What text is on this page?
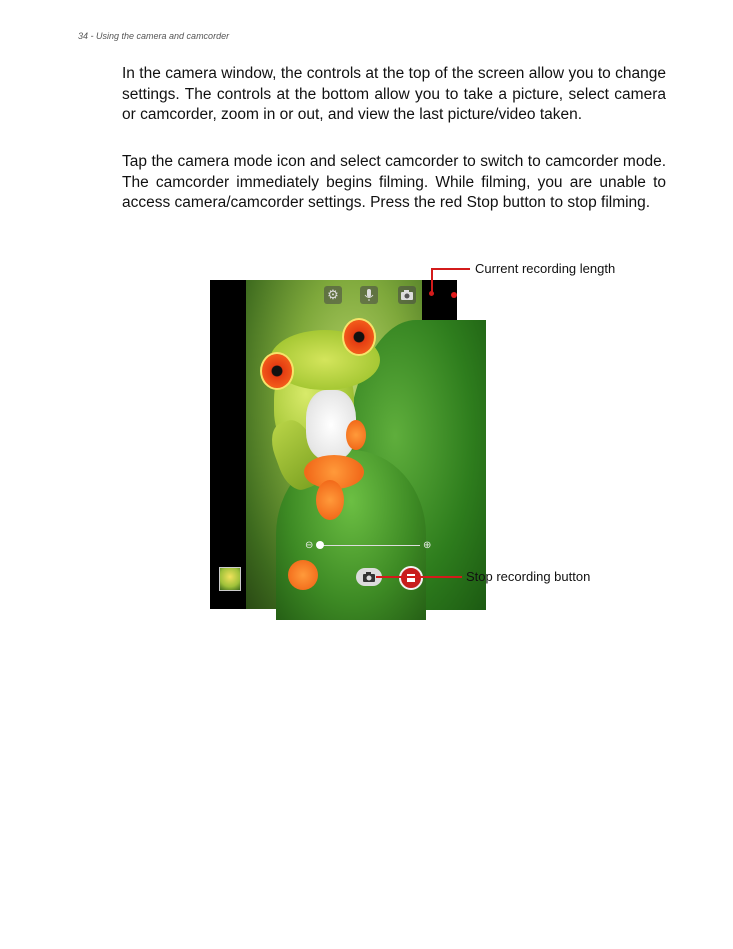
34 - Using the camera and camcorder

In the camera window, the controls at the top of the screen allow you to change settings. The controls at the bottom allow you to take a picture, select camera or camcorder, zoom in or out, and view the last picture/video taken.

Tap the camera mode icon and select camcorder to switch to camcorder mode. The camcorder immediately begins filming. While filming, you are unable to access camera/camcorder settings. Press the red Stop button to stop filming.

⚙	00:02
⊖	⊕
Current recording length
Stop recording button
